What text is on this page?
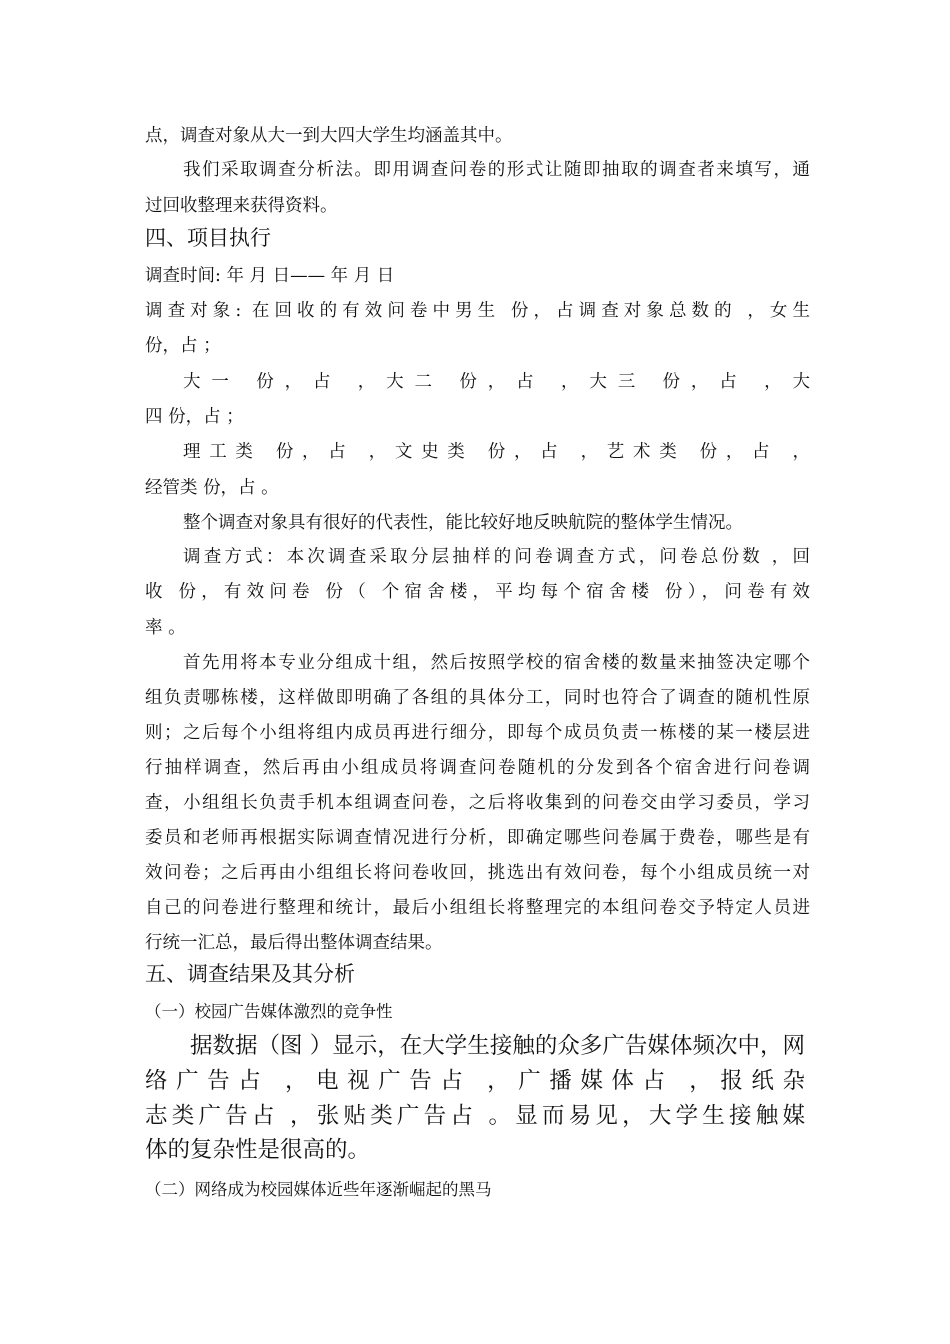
点，调查对象从大一到大四大学生均涵盖其中。
我们采取调查分析法。即用调查问卷的形式让随即抽取的调查者来填写，通
过回收整理来获得资料。
四、项目执行
调查时间: 年 月 日—— 年 月 日
调查对象: 在回收的有效问卷中男生 份，占调查对象总数的 ，女生
份，占 ；
大一 份，占 ，大二 份，占 ，大三 份，占 ，大
四 份，占 ；
理工类 份，占 ，文史类 份，占 ，艺术类 份，占 ，
经管类 份，占 。
整个调查对象具有很好的代表性，能比较好地反映航院的整体学生情况。
调查方式：本次调查采取分层抽样的问卷调查方式，问卷总份数 ，回
收 份，有效问卷 份（ 个宿舍楼，平均每个宿舍楼 份），问卷有效
率 。
首先用将本专业分组成十组，然后按照学校的宿舍楼的数量来抽签决定哪个
组负责哪栋楼，这样做即明确了各组的具体分工，同时也符合了调查的随机性原
则；之后每个小组将组内成员再进行细分，即每个成员负责一栋楼的某一楼层进
行抽样调查，然后再由小组成员将调查问卷随机的分发到各个宿舍进行问卷调
查，小组组长负责手机本组调查问卷，之后将收集到的问卷交由学习委员，学习
委员和老师再根据实际调查情况进行分析，即确定哪些问卷属于费卷，哪些是有
效问卷；之后再由小组组长将问卷收回，挑选出有效问卷，每个小组成员统一对
自己的问卷进行整理和统计，最后小组组长将整理完的本组问卷交予特定人员进
行统一汇总，最后得出整体调查结果。
五、调查结果及其分析
（一）校园广告媒体激烈的竞争性
据数据（图 ）显示，在大学生接触的众多广告媒体频次中，网
络广告占 ，电视广告占 ，广播媒体占 ，报纸杂
志类广告占 ，张贴类广告占 。显而易见，大学生接触媒
体的复杂性是很高的。
（二）网络成为校园媒体近些年逐渐崛起的黑马
